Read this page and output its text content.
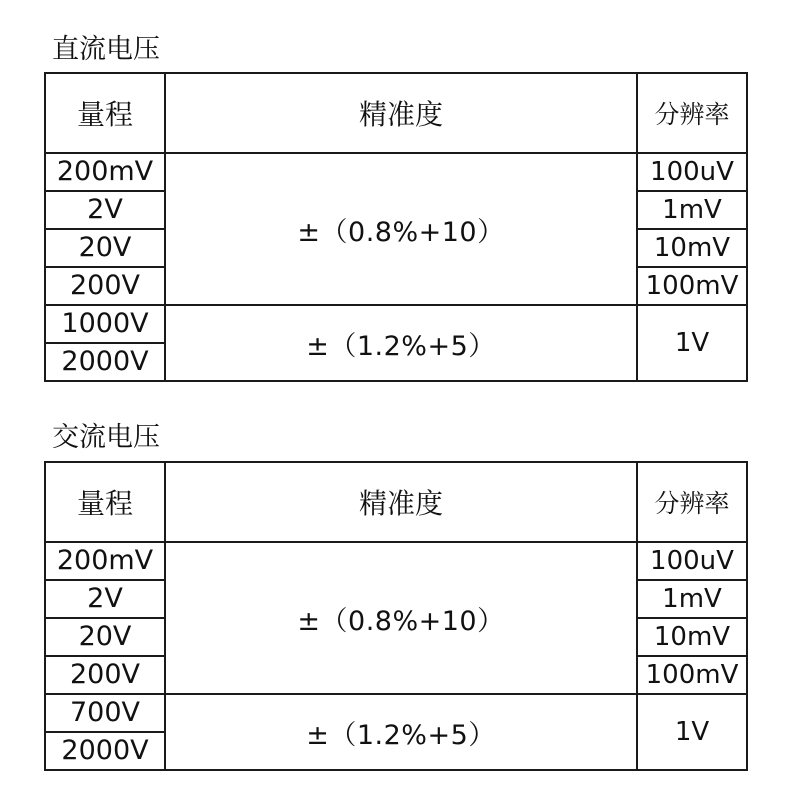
直流电压
量程	精准度	分辨率
200mV	±（0.8%+10）	100uV
2V		1mV
20V		10mV
200V		100mV
1000V	±（1.2%+5）	1V
2000V		
交流电压
量程	精准度	分辨率
200mV	±（0.8%+10）	100uV
2V		1mV
20V		10mV
200V		100mV
700V	±（1.2%+5）	1V
2000V		
